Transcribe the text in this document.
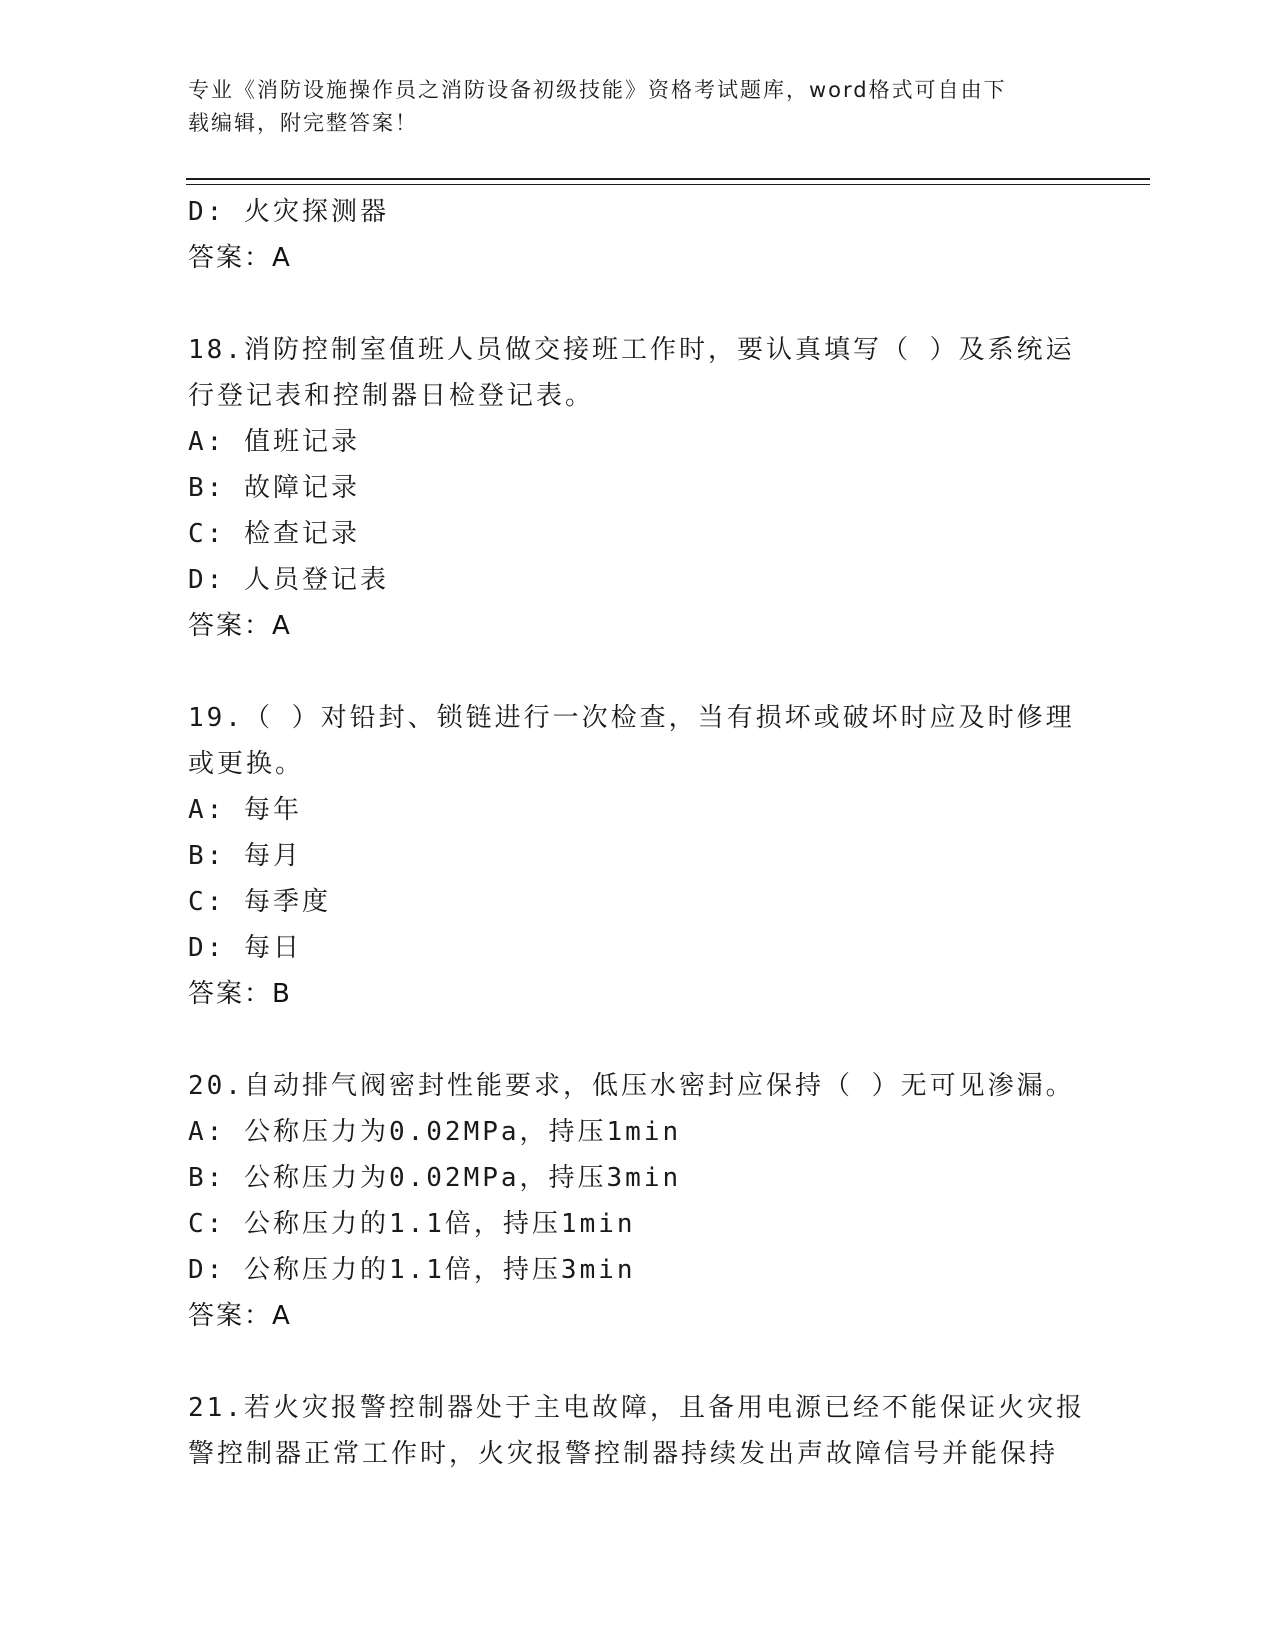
专业《消防设施操作员之消防设备初级技能》资格考试题库，word格式可自由下
载编辑，附完整答案！
D: 火灾探测器
答案：A
18.消防控制室值班人员做交接班工作时，要认真填写（ ）及系统运
行登记表和控制器日检登记表。
A: 值班记录
B: 故障记录
C: 检查记录
D: 人员登记表
答案：A
19.（ ）对铅封、锁链进行一次检查，当有损坏或破坏时应及时修理
或更换。
A: 每年
B: 每月
C: 每季度
D: 每日
答案：B
20.自动排气阀密封性能要求，低压水密封应保持（ ）无可见渗漏。
A: 公称压力为0.02MPa，持压1min
B: 公称压力为0.02MPa，持压3min
C: 公称压力的1.1倍，持压1min
D: 公称压力的1.1倍，持压3min
答案：A
21.若火灾报警控制器处于主电故障，且备用电源已经不能保证火灾报
警控制器正常工作时，火灾报警控制器持续发出声故障信号并能保持
